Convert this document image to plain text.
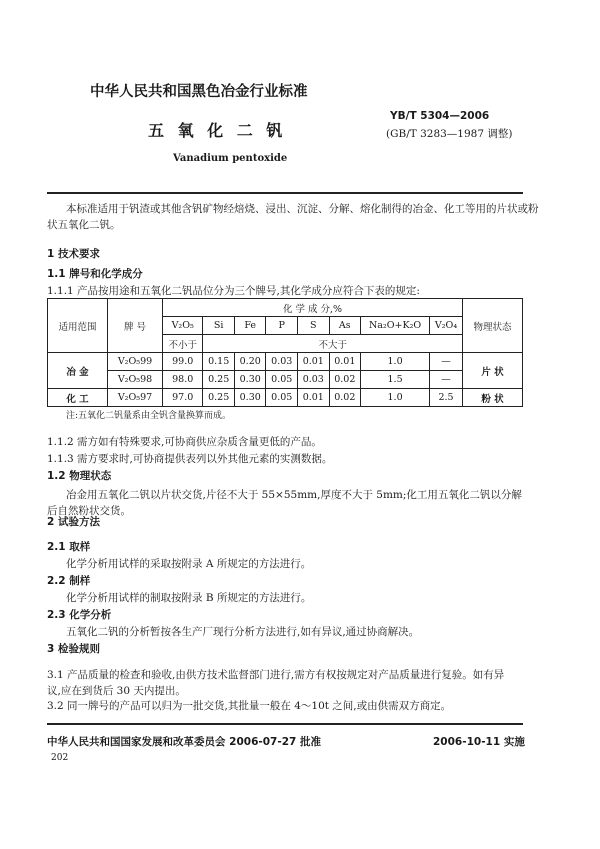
中华人民共和国黑色冶金行业标准
五 氧 化 二 钒
YB/T 5304—2006
(GB/T 3283—1987 调整)
Vanadium pentoxide
本标准适用于钒渣或其他含钒矿物经焙烧、浸出、沉淀、分解、熔化制得的冶金、化工等用的片状或粉
状五氧化二钒。
1 技术要求
1.1 牌号和化学成分
1.1.1 产品按用途和五氧化二钒品位分为三个牌号,其化学成分应符合下表的规定:
适用范围	牌 号	化 学 成 分,%								物理状态
		V₂O₅	Si	Fe	P	S	As	Na₂O+K₂O	V₂O₄	
		不小于	不大于							
冶 金	V₂O₅99	99.0	0.15	0.20	0.03	0.01	0.01	1.0	—	片 状
	V₂O₅98	98.0	0.25	0.30	0.05	0.03	0.02	1.5	—	
化 工	V₂O₅97	97.0	0.25	0.30	0.05	0.01	0.02	1.0	2.5	粉 状
注:五氧化二钒量系由全钒含量换算而成。
1.1.2 需方如有特殊要求,可协商供应杂质含量更低的产品。
1.1.3 需方要求时,可协商提供表列以外其他元素的实测数据。
1.2 物理状态
冶金用五氧化二钒以片状交货,片径不大于 55×55mm,厚度不大于 5mm;化工用五氧化二钒以分解
后自然粉状交货。
2 试验方法
2.1 取样
化学分析用试样的采取按附录 A 所规定的方法进行。
2.2 制样
化学分析用试样的制取按附录 B 所规定的方法进行。
2.3 化学分析
五氧化二钒的分析暂按各生产厂现行分析方法进行,如有异议,通过协商解决。
3 检验规则
3.1 产品质量的检查和验收,由供方技术监督部门进行,需方有权按规定对产品质量进行复验。如有异
议,应在到货后 30 天内提出。
3.2 同一牌号的产品可以归为一批交货,其批量一般在 4～10t 之间,或由供需双方商定。
中华人民共和国国家发展和改革委员会 2006-07-27 批准	2006-10-11 实施
202
